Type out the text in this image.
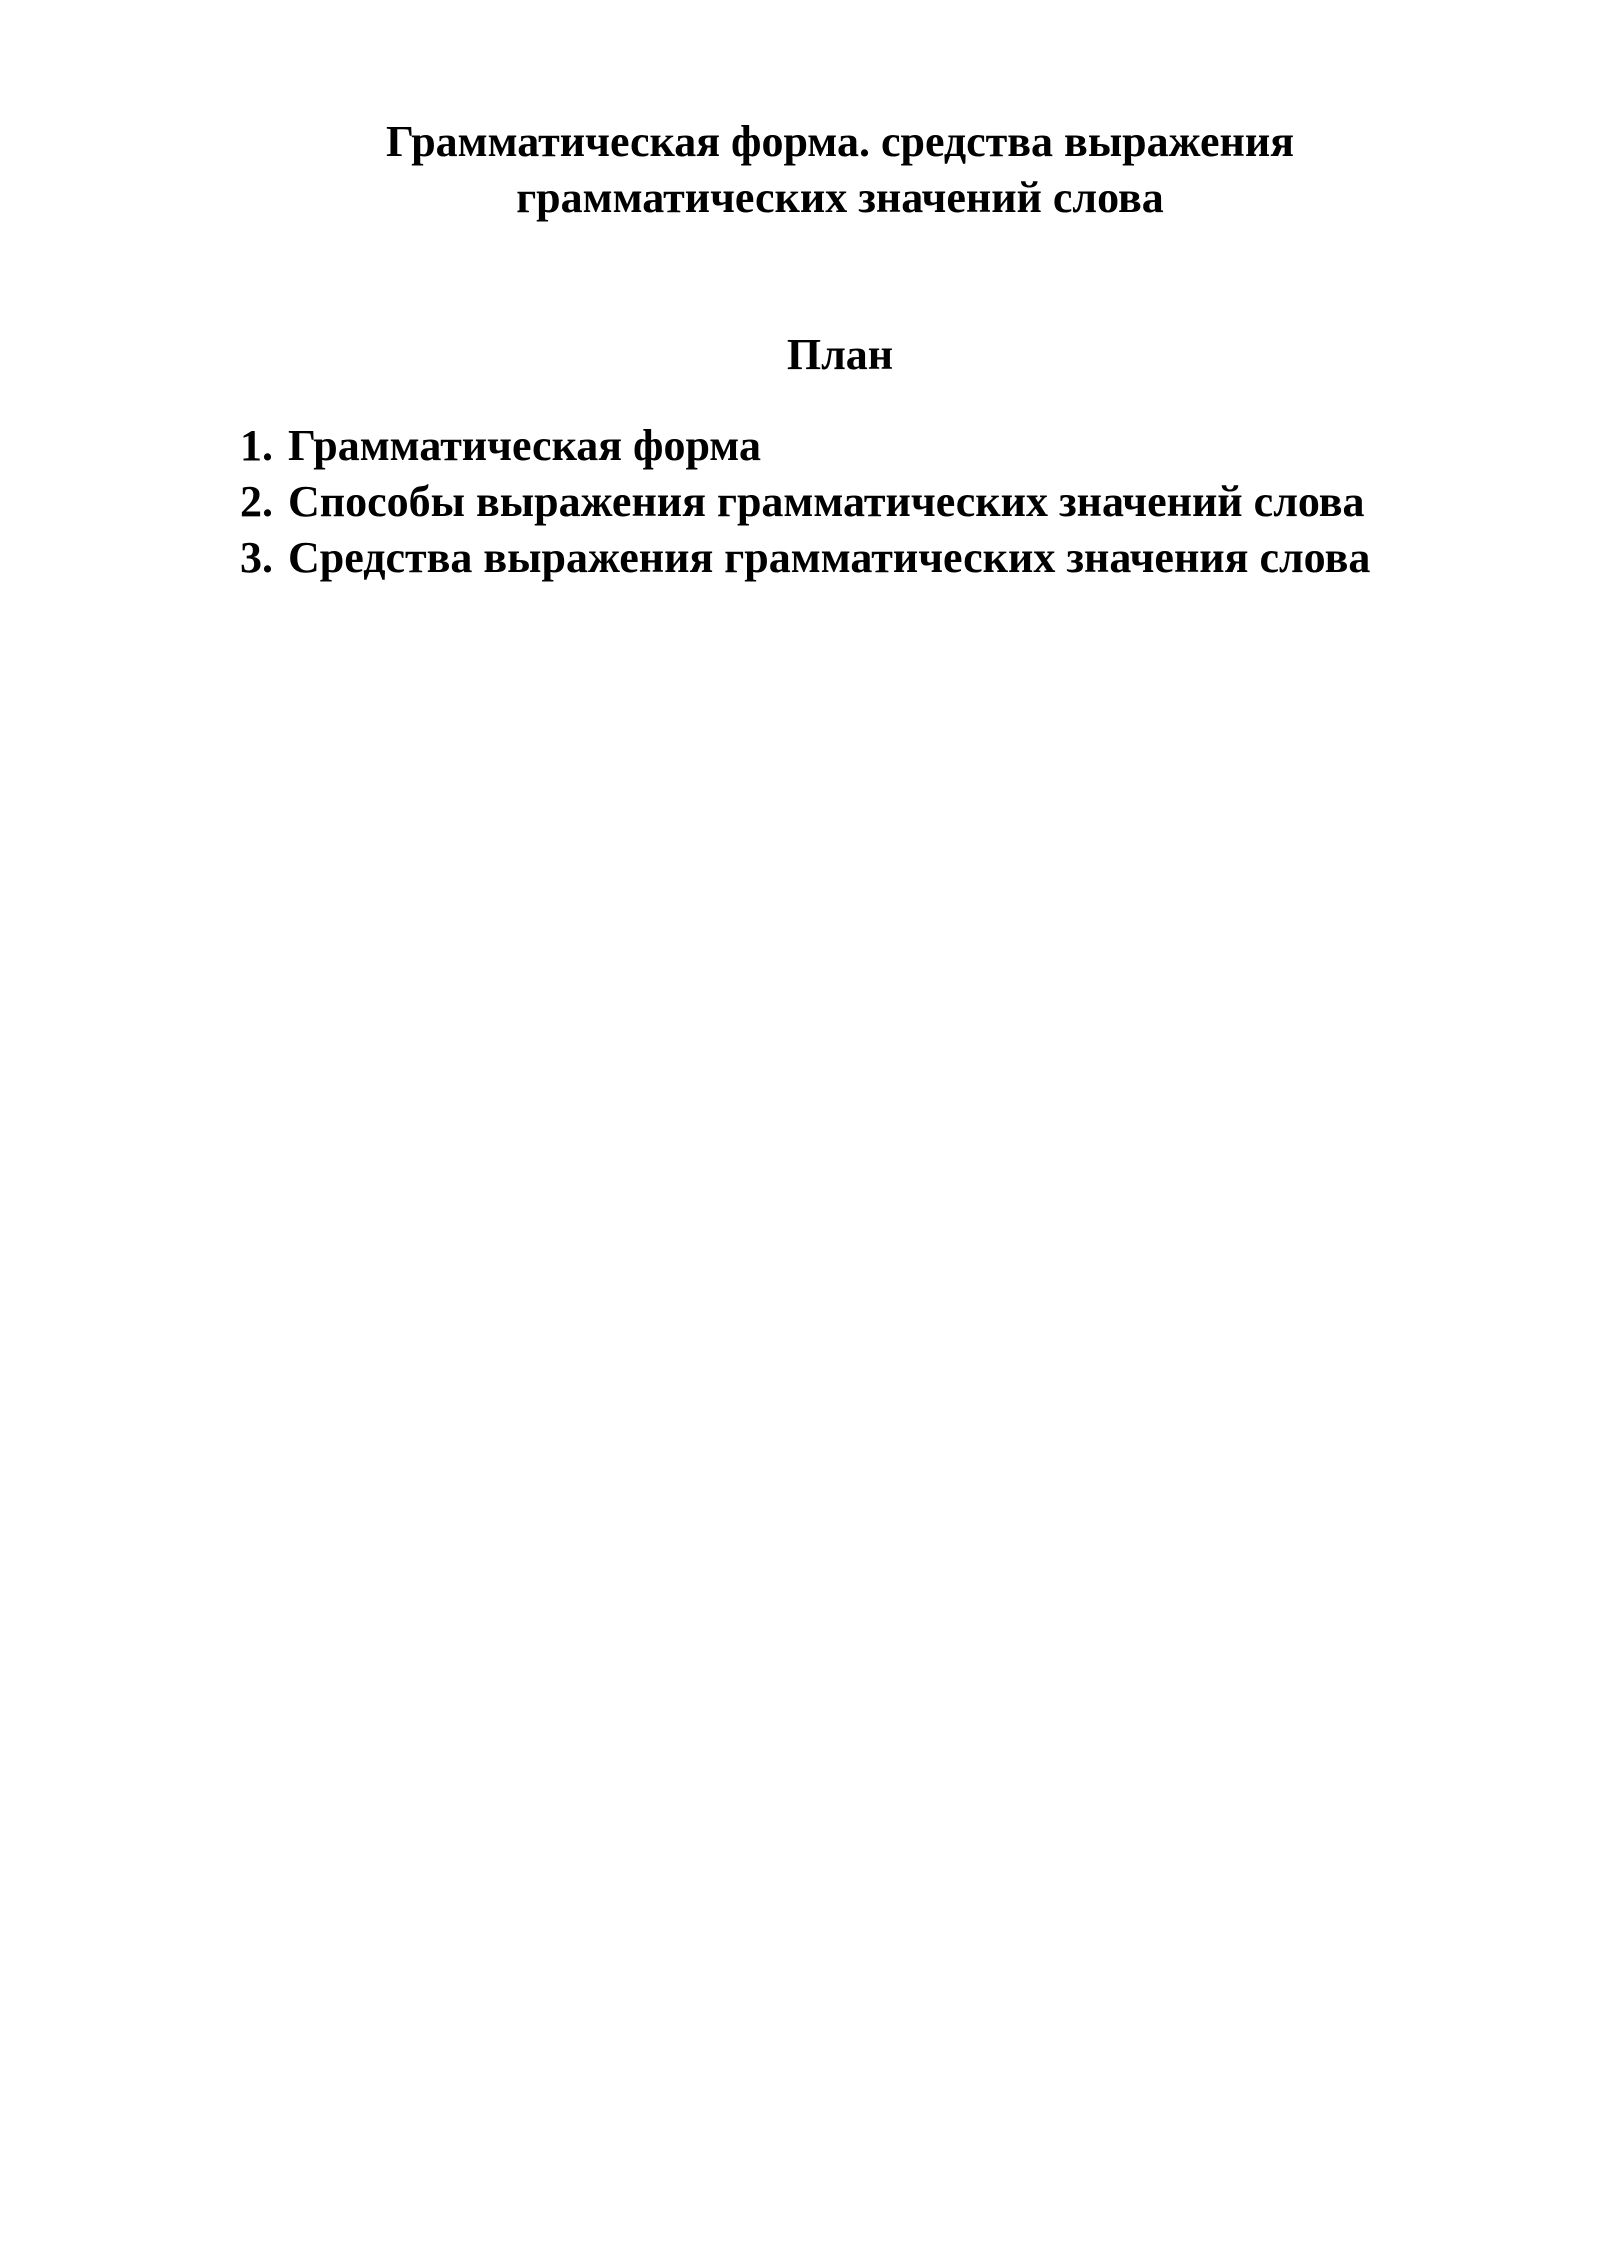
Грамматическая форма. средства выражения
грамматических значений слова
План
1. Грамматическая форма
2. Способы выражения грамматических значений слова
3. Средства выражения грамматических значения слова
